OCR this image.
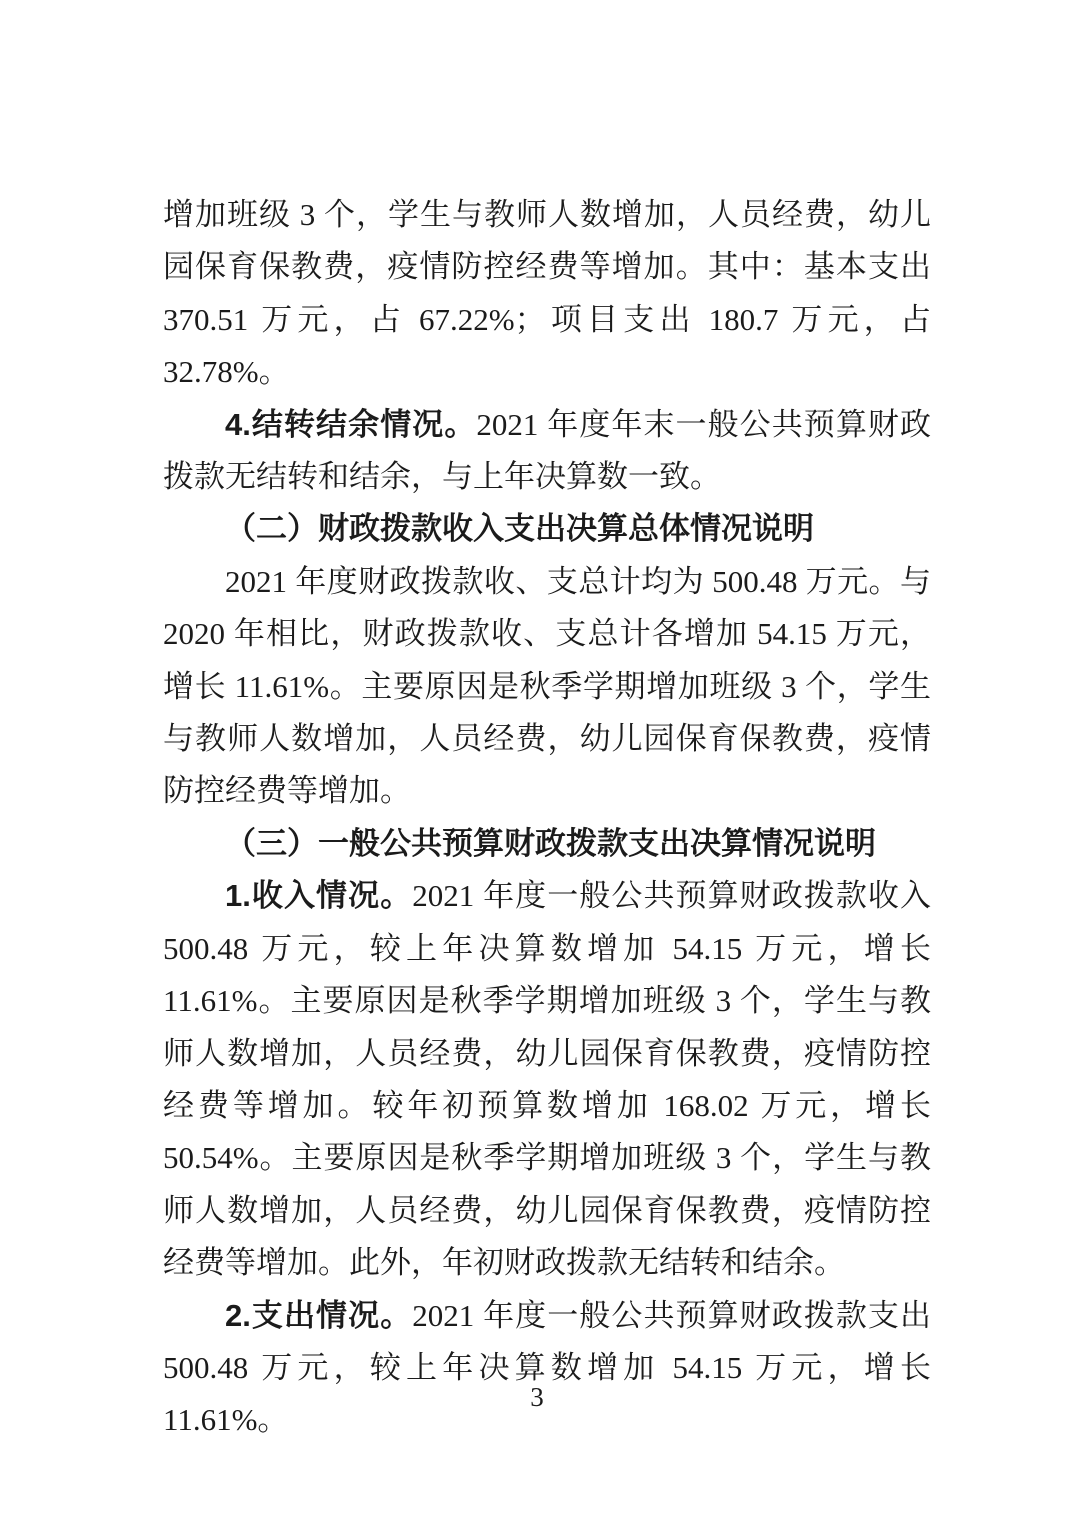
增加班级 3 个，学生与教师人数增加，人员经费，幼儿园保育保教费，疫情防控经费等增加。其中：基本支出 370.51 万元，占 67.22%；项目支出 180.7 万元，占 32.78%。

4.结转结余情况。2021 年度年末一般公共预算财政拨款无结转和结余，与上年决算数一致。

（二）财政拨款收入支出决算总体情况说明

2021 年度财政拨款收、支总计均为 500.48 万元。与 2020 年相比，财政拨款收、支总计各增加 54.15 万元，增长 11.61%。主要原因是秋季学期增加班级 3 个，学生与教师人数增加，人员经费，幼儿园保育保教费，疫情防控经费等增加。

（三）一般公共预算财政拨款支出决算情况说明

1.收入情况。2021 年度一般公共预算财政拨款收入 500.48 万元，较上年决算数增加 54.15 万元，增长 11.61%。主要原因是秋季学期增加班级 3 个，学生与教师人数增加，人员经费，幼儿园保育保教费，疫情防控经费等增加。较年初预算数增加 168.02 万元，增长 50.54%。主要原因是秋季学期增加班级 3 个，学生与教师人数增加，人员经费，幼儿园保育保教费，疫情防控经费等增加。此外，年初财政拨款无结转和结余。

2.支出情况。2021 年度一般公共预算财政拨款支出 500.48 万元，较上年决算数增加 54.15 万元，增长 11.61%。

3
